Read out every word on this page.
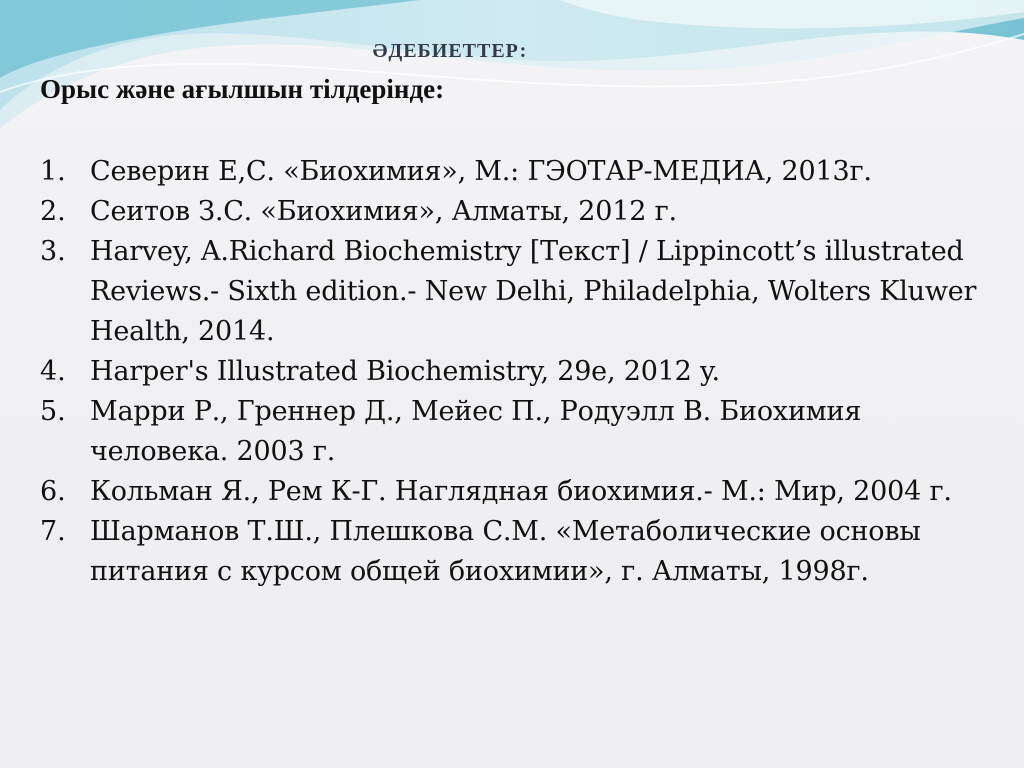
ӘДЕБИЕТТЕР:
Орыс және ағылшын тілдерінде:
1. Северин Е,С. «Биохимия», М.: ГЭОТАР-МЕДИА, 2013г.
2. Сеитов З.С. «Биохимия», Алматы, 2012 г.
3. Harvey, A.Richard Biochemistry [Текст] / Lippincott’s illustrated Reviews.- Sixth edition.- New Delhi, Philadelphia, Wolters Kluwer Health, 2014.
4. Harper's Illustrated Biochemistry, 29e, 2012 y.
5. Марри Р., Греннер Д., Мейес П., Родуэлл В. Биохимия человека. 2003 г.
6. Кольман Я., Рем К-Г. Наглядная биохимия.- М.: Мир, 2004 г.
7. Шарманов Т.Ш., Плешкова С.М. «Метаболические основы питания с курсом общей биохимии», г. Алматы, 1998г.
